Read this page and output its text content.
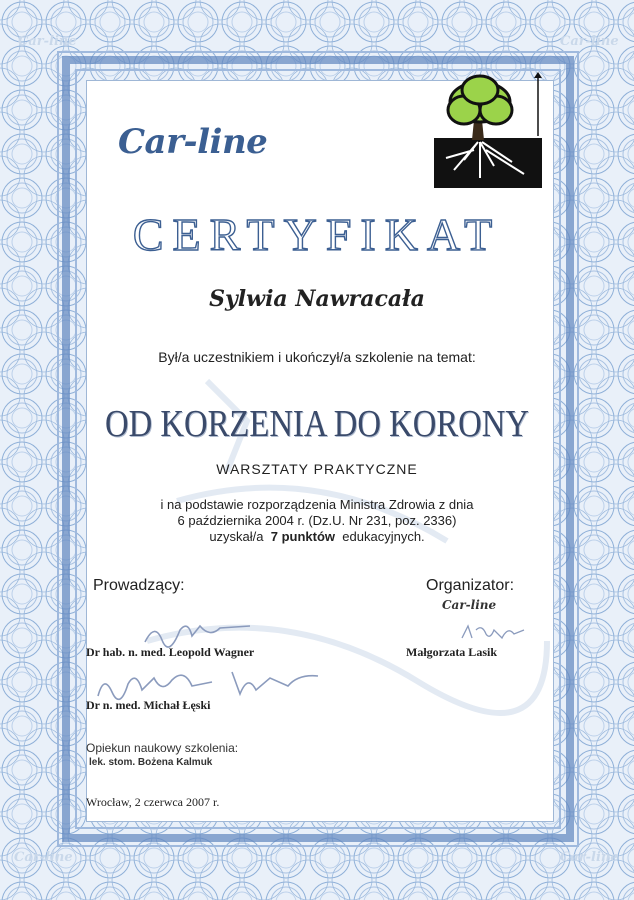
Car-line	Car-line
Car-line	Car-line
Car-line
CERTYFIKAT
Sylwia Nawracała
Był/a uczestnikiem i ukończył/a szkolenie na temat:
OD KORZENIA DO KORONY
WARSZTATY PRAKTYCZNE
i na podstawie rozporządzenia Ministra Zdrowia z dnia
6 października 2004 r. (Dz.U. Nr 231, poz. 2336)
uzyskał/a 7 punktów edukacyjnych.
Prowadzący:	Organizator:
Car-line
Dr hab. n. med. Leopold Wagner	Małgorzata Lasik
Dr n. med. Michał Łęski
Opiekun naukowy szkolenia:
lek. stom. Bożena Kalmuk
Wrocław, 2 czerwca 2007 r.
